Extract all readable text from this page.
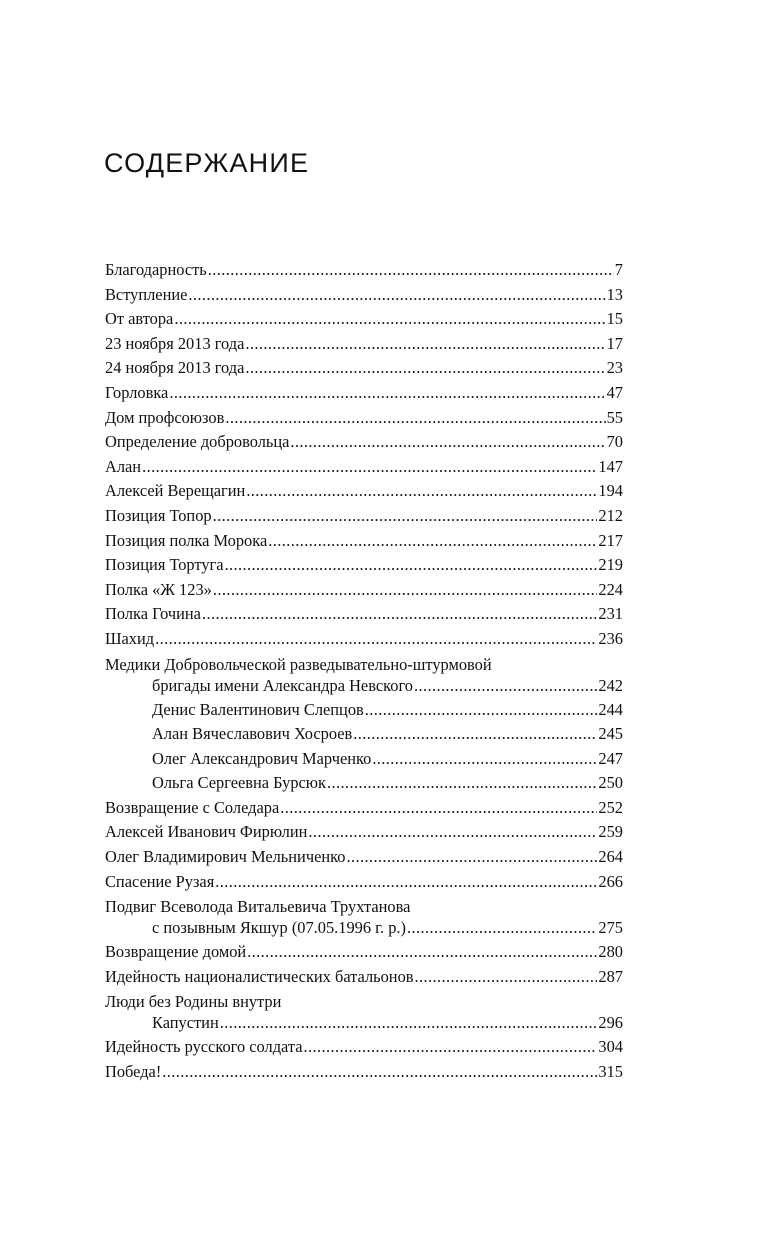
СОДЕРЖАНИЕ
Благодарность .....	7
Вступление .....	13
От автора .....	15
23 ноября 2013 года .....	17
24 ноября 2013 года .....	23
Горловка .....	47
Дом профсоюзов .....	55
Определение добровольца .....	70
Алан .....	147
Алексей Верещагин .....	194
Позиция Топор .....	212
Позиция полка Морока .....	217
Позиция Тортуга .....	219
Полка «Ж 123» .....	224
Полка Гочина .....	231
Шахид .....	236
Медики Добровольческой разведывательно-штурмовой
бригады имени Александра Невского .....	242
Денис Валентинович Слепцов .....	244
Алан Вячеславович Хосроев .....	245
Олег Александрович Марченко .....	247
Ольга Сергеевна Бурсюк .....	250
Возвращение с Соледара .....	252
Алексей Иванович Фирюлин .....	259
Олег Владимирович Мельниченко .....	264
Спасение Рузая .....	266
Подвиг Всеволода Витальевича Трухтанова
с позывным Якшур (07.05.1996 г. р.) .....	275
Возвращение домой .....	280
Идейность националистических батальонов .....	287
Люди без Родины внутри
Капустин .....	296
Идейность русского солдата .....	304
Победа! .....	315
